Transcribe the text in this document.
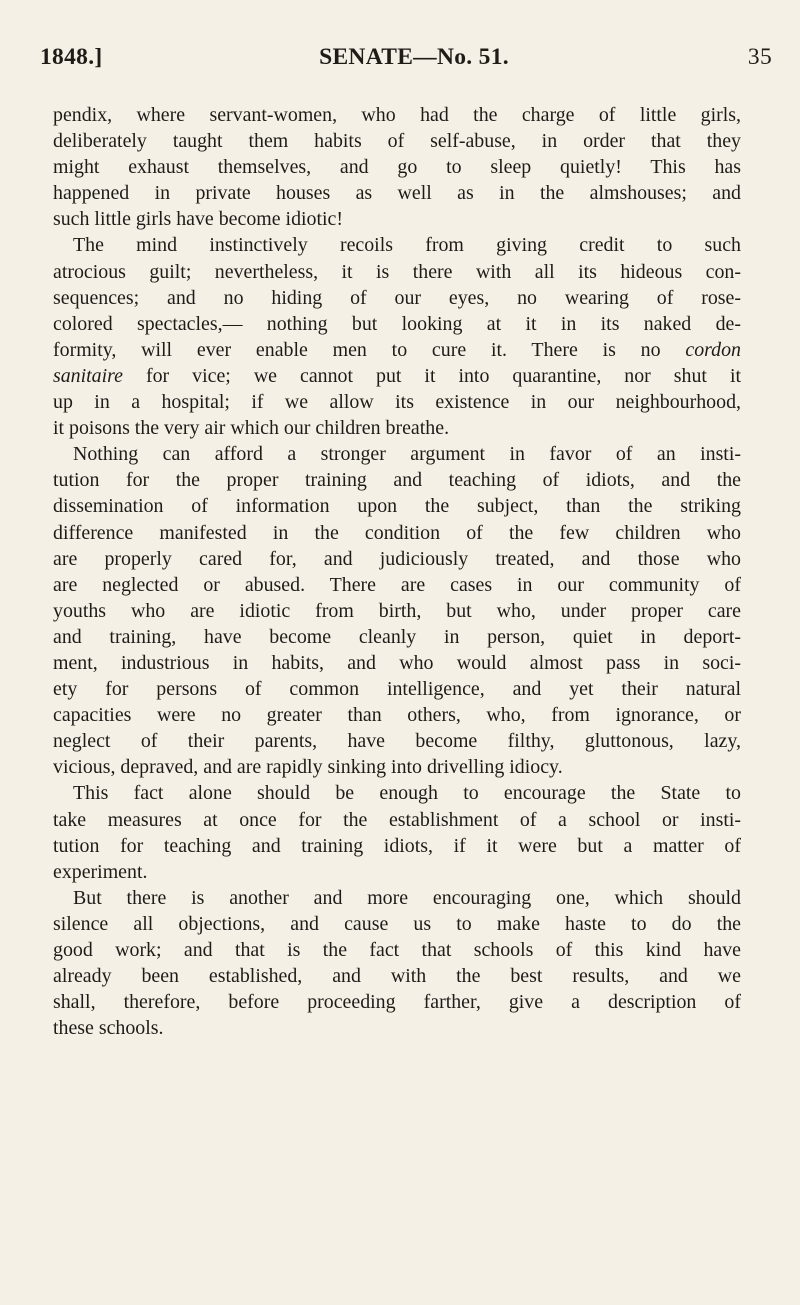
1848.]	SENATE—No. 51.	35

pendix, where servant-women, who had the charge of little girls,
deliberately taught them habits of self-abuse, in order that they
might exhaust themselves, and go to sleep quietly! This has
happened in private houses as well as in the almshouses; and
such little girls have become idiotic!

The mind instinctively recoils from giving credit to such
atrocious guilt; nevertheless, it is there with all its hideous con-
sequences; and no hiding of our eyes, no wearing of rose-
colored spectacles,— nothing but looking at it in its naked de-
formity, will ever enable men to cure it. There is no cordon
sanitaire for vice; we cannot put it into quarantine, nor shut it
up in a hospital; if we allow its existence in our neighbourhood,
it poisons the very air which our children breathe.

Nothing can afford a stronger argument in favor of an insti-
tution for the proper training and teaching of idiots, and the
dissemination of information upon the subject, than the striking
difference manifested in the condition of the few children who
are properly cared for, and judiciously treated, and those who
are neglected or abused. There are cases in our community of
youths who are idiotic from birth, but who, under proper care
and training, have become cleanly in person, quiet in deport-
ment, industrious in habits, and who would almost pass in soci-
ety for persons of common intelligence, and yet their natural
capacities were no greater than others, who, from ignorance, or
neglect of their parents, have become filthy, gluttonous, lazy,
vicious, depraved, and are rapidly sinking into drivelling idiocy.

This fact alone should be enough to encourage the State to
take measures at once for the establishment of a school or insti-
tution for teaching and training idiots, if it were but a matter of
experiment.

But there is another and more encouraging one, which should
silence all objections, and cause us to make haste to do the
good work; and that is the fact that schools of this kind have
already been established, and with the best results, and we
shall, therefore, before proceeding farther, give a description of
these schools.
